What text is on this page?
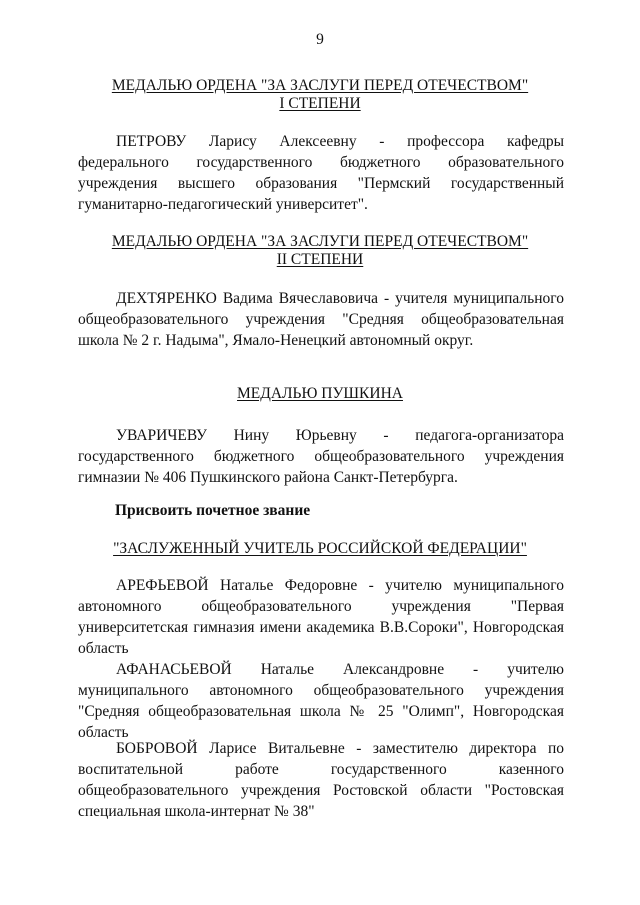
9
МЕДАЛЬЮ ОРДЕНА "ЗА ЗАСЛУГИ ПЕРЕД ОТЕЧЕСТВОМ"
I СТЕПЕНИ
ПЕТРОВУ Ларису Алексеевну - профессора кафедры федерального государственного бюджетного образовательного учреждения высшего образования "Пермский государственный гуманитарно-педагогический университет".
МЕДАЛЬЮ ОРДЕНА "ЗА ЗАСЛУГИ ПЕРЕД ОТЕЧЕСТВОМ"
II СТЕПЕНИ
ДЕХТЯРЕНКО Вадима Вячеславовича - учителя муниципального общеобразовательного учреждения "Средняя общеобразовательная школа № 2 г. Надыма", Ямало-Ненецкий автономный округ.
МЕДАЛЬЮ ПУШКИНА
УВАРИЧЕВУ Нину Юрьевну - педагога-организатора государственного бюджетного общеобразовательного учреждения гимназии № 406 Пушкинского района Санкт-Петербурга.
Присвоить почетное звание
"ЗАСЛУЖЕННЫЙ УЧИТЕЛЬ РОССИЙСКОЙ ФЕДЕРАЦИИ"
АРЕФЬЕВОЙ Наталье Федоровне - учителю муниципального автономного общеобразовательного учреждения "Первая университетская гимназия имени академика В.В.Сороки", Новгородская область
АФАНАСЬЕВОЙ Наталье Александровне - учителю муниципального автономного общеобразовательного учреждения "Средняя общеобразовательная школа № 25 "Олимп", Новгородская область
БОБРОВОЙ Ларисе Витальевне - заместителю директора по воспитательной работе государственного казенного общеобразовательного учреждения Ростовской области "Ростовская специальная школа-интернат № 38"
